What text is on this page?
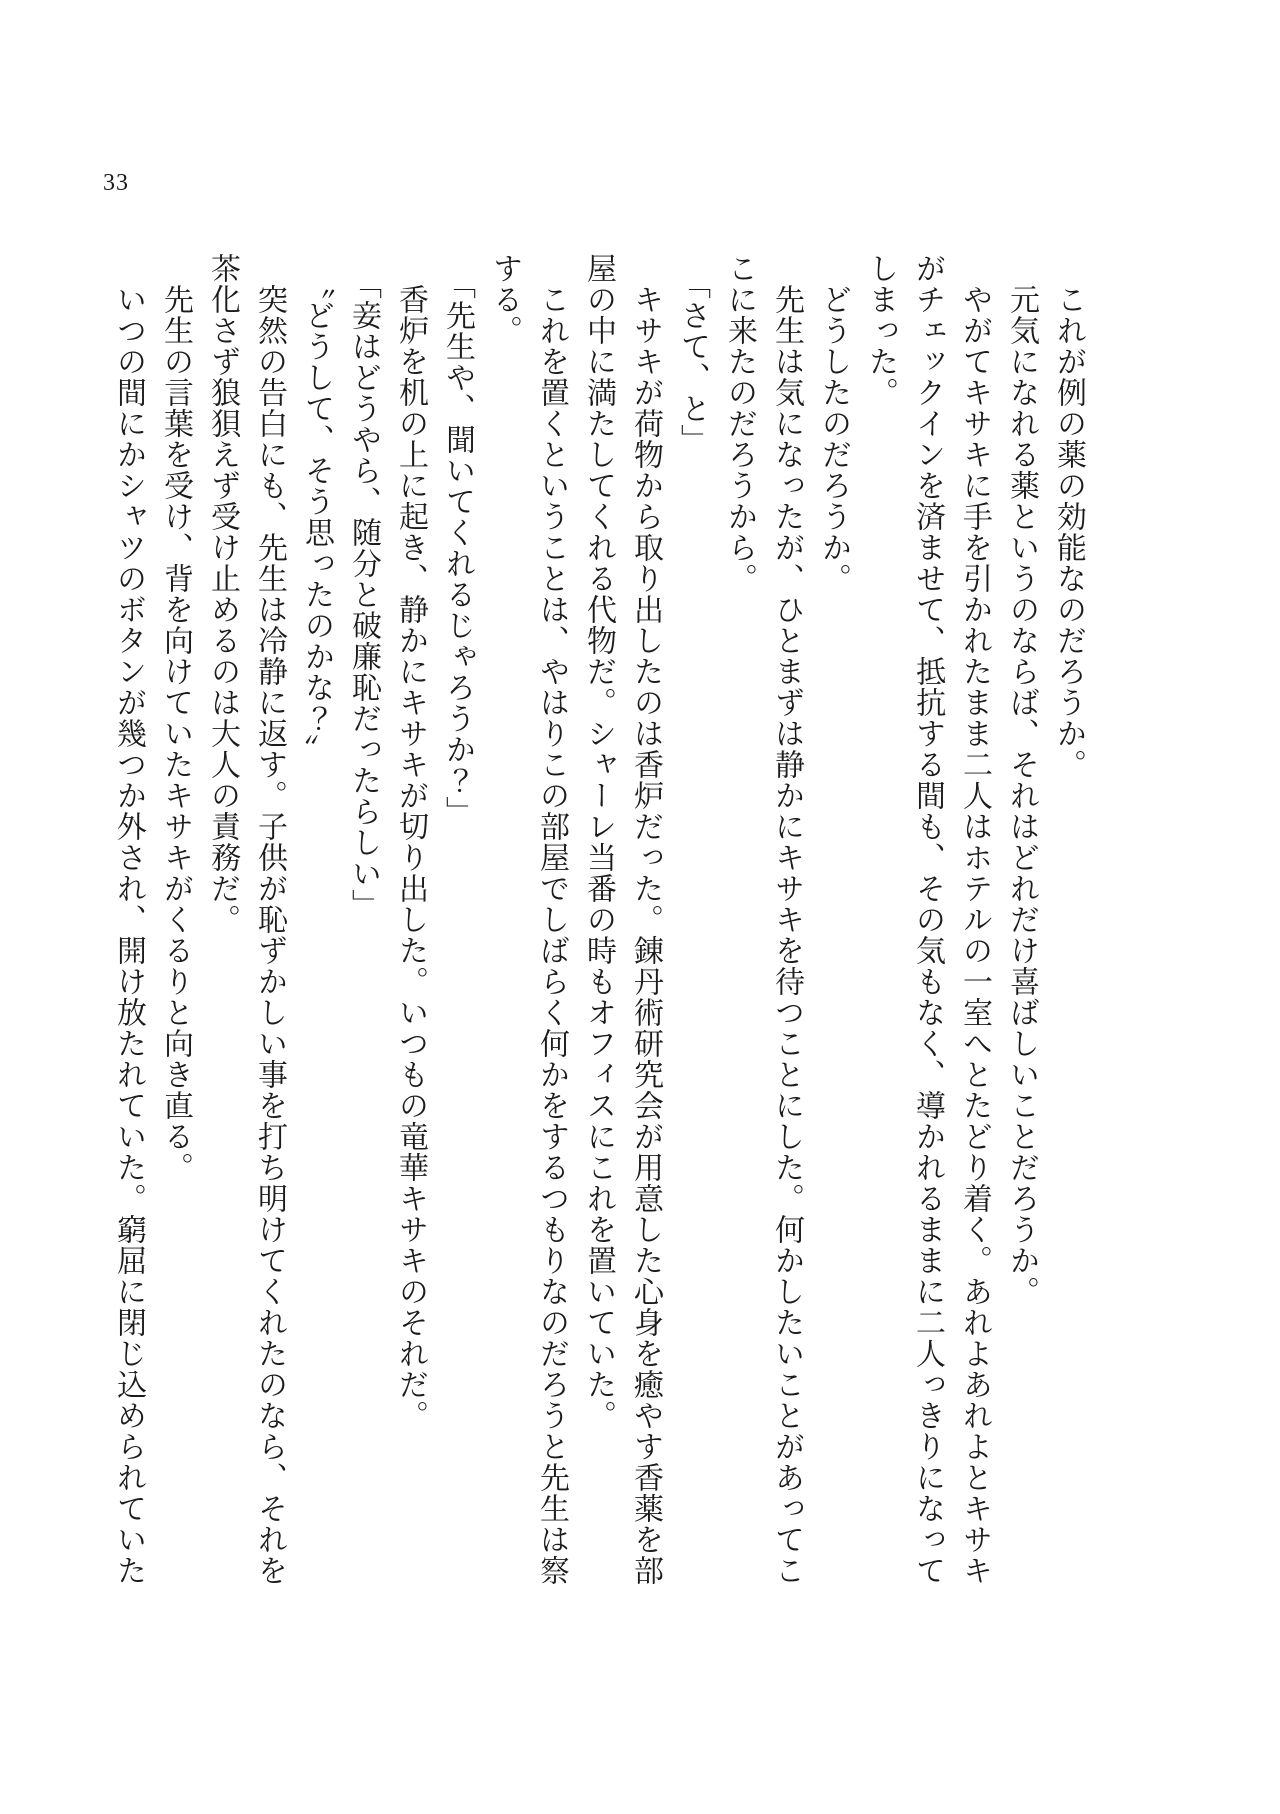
33

これが例の薬の効能なのだろうか。

元気になれる薬というのならば、それはどれだけ喜ばしいことだろうか。

やがてキサキに手を引かれたまま二人はホテルの一室へとたどり着く。あれよあれよとキサキがチェックインを済ませて、抵抗する間も、その気もなく、導かれるままに二人っきりになってしまった。

どうしたのだろうか。

先生は気になったが、ひとまずは静かにキサキを待つことにした。何かしたいことがあってここに来たのだろうから。

「さて、と」

キサキが荷物から取り出したのは香炉だった。錬丹術研究会が用意した心身を癒やす香薬を部屋の中に満たしてくれる代物だ。シャーレ当番の時もオフィスにこれを置いていた。

これを置くということは、やはりこの部屋でしばらく何かをするつもりなのだろうと先生は察する。

「先生や、聞いてくれるじゃろうか？」

香炉を机の上に起き、静かにキサキが切り出した。いつもの竜華キサキのそれだ。

「妾はどうやら、随分と破廉恥だったらしい」

〝どうして、そう思ったのかな？〟

突然の告白にも、先生は冷静に返す。子供が恥ずかしい事を打ち明けてくれたのなら、それを茶化さず狼狽えず受け止めるのは大人の責務だ。

先生の言葉を受け、背を向けていたキサキがくるりと向き直る。

いつの間にかシャツのボタンが幾つか外され、開け放たれていた。窮屈に閉じ込められていた
